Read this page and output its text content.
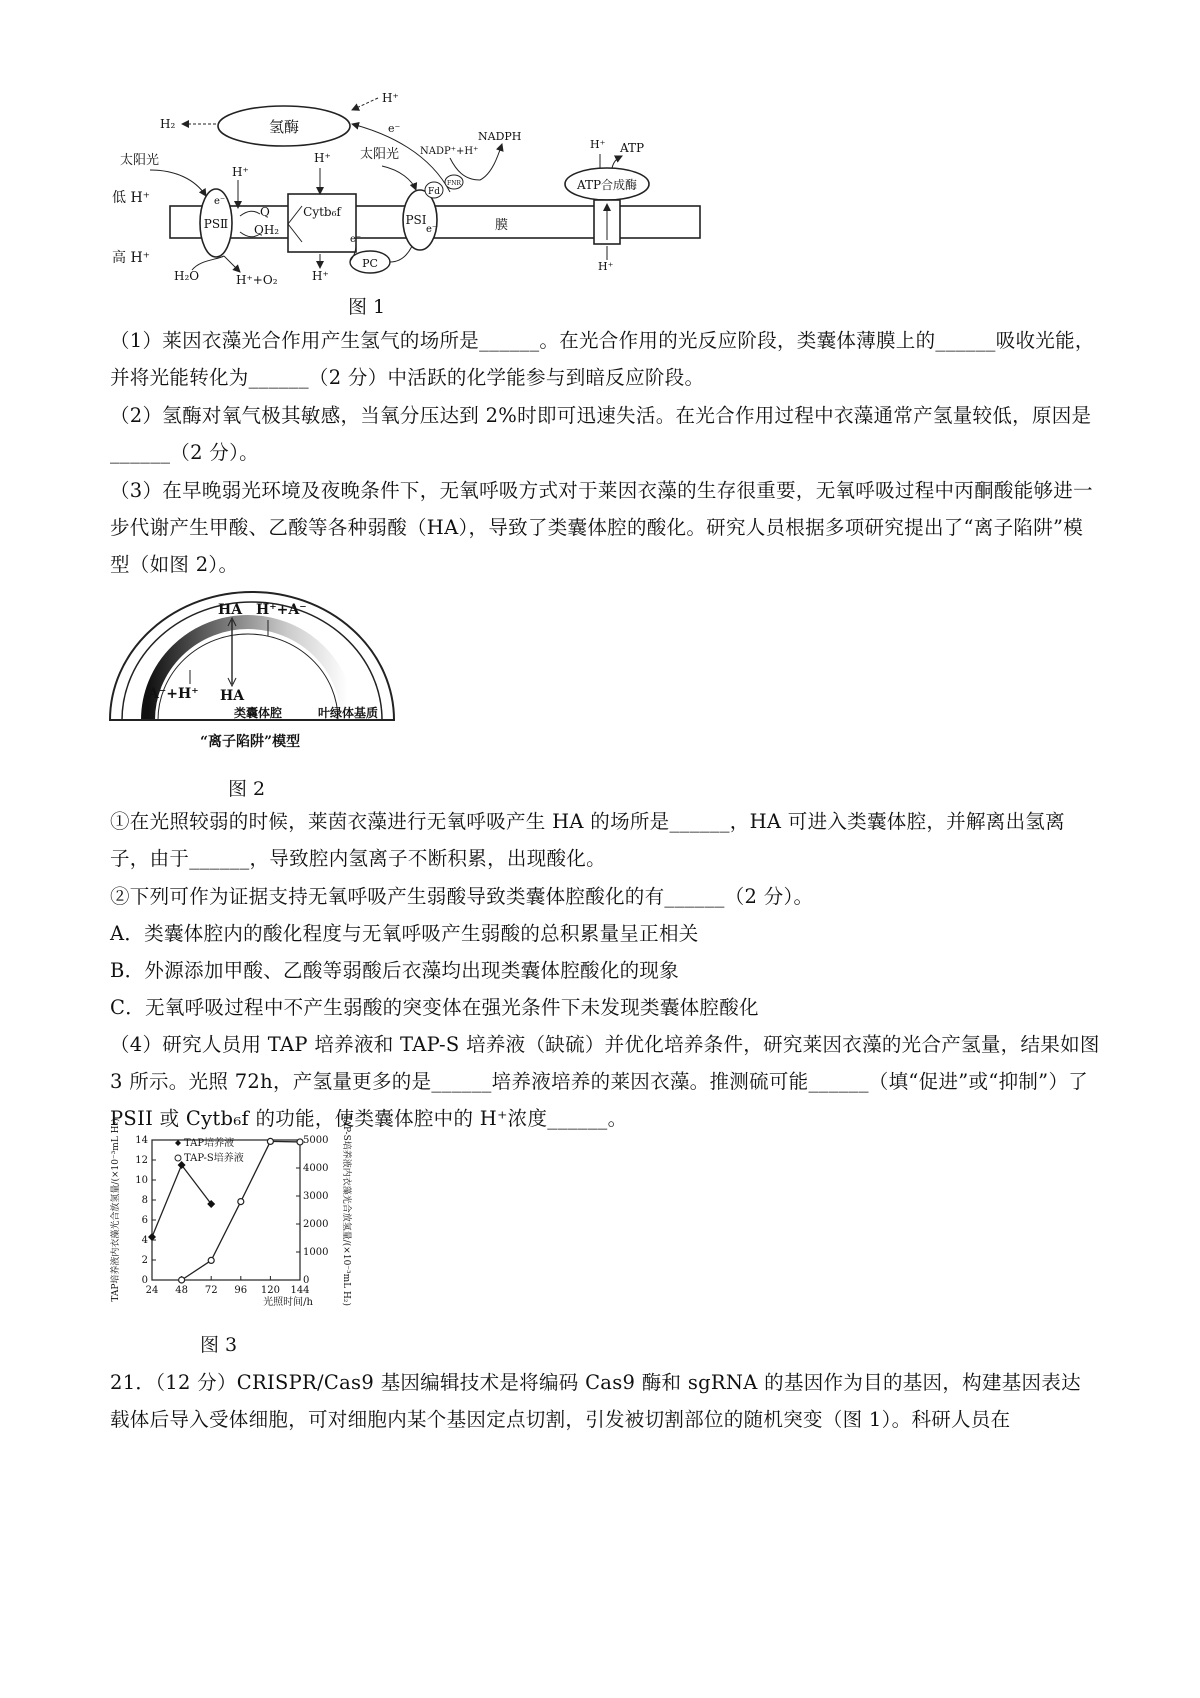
氢酶
H₂
H⁺
e⁻
太阳光
低 H⁺
高 H⁺
PSⅡ
e⁻
H⁺
Q
QH₂
Cytb₆f
H⁺
H⁺
PC
e⁻
H₂O	H⁺+O₂
PSⅠ
e⁻
太阳光
Fd
FNR
NADP⁺+H⁺
NADPH
膜
ATP合成酶
H⁺ ATP
H⁺
图 1
（1）莱因衣藻光合作用产生氢气的场所是______。在光合作用的光反应阶段，类囊体薄膜上的______吸收光能，并将光能转化为______（2 分）中活跃的化学能参与到暗反应阶段。
（2）氢酶对氧气极其敏感，当氧分压达到 2%时即可迅速失活。在光合作用过程中衣藻通常产氢量较低，原因是______（2 分）。
（3）在早晚弱光环境及夜晚条件下，无氧呼吸方式对于莱因衣藻的生存很重要，无氧呼吸过程中丙酮酸能够进一步代谢产生甲酸、乙酸等各种弱酸（HA），导致了类囊体腔的酸化。研究人员根据多项研究提出了“离子陷阱”模型（如图 2）。
HA H⁺+A⁻
A⁻+H⁺ HA
类囊体腔	叶绿体基质
“离子陷阱”模型
图 2
①在光照较弱的时候，莱茵衣藻进行无氧呼吸产生 HA 的场所是______，HA 可进入类囊体腔，并解离出氢离子，由于______，导致腔内氢离子不断积累，出现酸化。
②下列可作为证据支持无氧呼吸产生弱酸导致类囊体腔酸化的有______（2 分）。
A．类囊体腔内的酸化程度与无氧呼吸产生弱酸的总积累量呈正相关
B．外源添加甲酸、乙酸等弱酸后衣藻均出现类囊体腔酸化的现象
C．无氧呼吸过程中不产生弱酸的突变体在强光条件下未发现类囊体腔酸化
（4）研究人员用 TAP 培养液和 TAP-S 培养液（缺硫）并优化培养条件，研究莱因衣藻的光合产氢量，结果如图 3 所示。光照 72h，产氢量更多的是______培养液培养的莱因衣藻。推测硫可能______（填“促进”或“抑制”）了 PSII 或 Cytb₆f 的功能，使类囊体腔中的 H⁺浓度______。
0
2
4
6
8
10
12
14
0
1000
2000
3000
4000
5000
24 48 72 96 120 144
光照时间/h
TAP培养液内衣藻光合放氢量/(×10⁻³mL H₂)	TAP-S培养液内衣藻光合放氢量/(×10⁻³mL H₂)
TAP培养液
TAP-S培养液
图 3
21．（12 分）CRISPR/Cas9 基因编辑技术是将编码 Cas9 酶和 sgRNA 的基因作为目的基因，构建基因表达载体后导入受体细胞，可对细胞内某个基因定点切割，引发被切割部位的随机突变（图 1）。科研人员在
